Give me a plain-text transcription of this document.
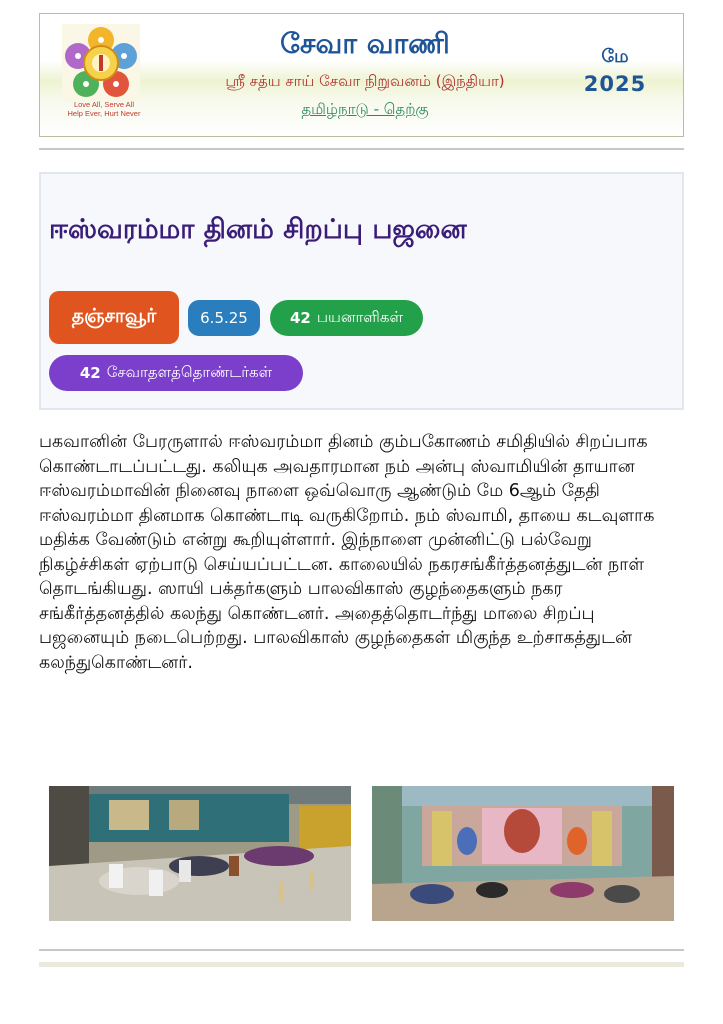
Love All, Serve All
Help Ever, Hurt Never
சேவா வாணி
ஸ்ரீ சத்ய சாய் சேவா நிறுவனம் (இந்தியா)
தமிழ்நாடு - தெற்கு
மே
2025
ஈஸ்வரம்மா தினம் சிறப்பு பஜனை
தஞ்சாவூர்	6.5.25	42 பயனாளிகள்
42 சேவாதளத்தொண்டர்கள்
பகவானின் பேரருளால் ஈஸ்வரம்மா தினம் கும்பகோணம் சமிதியில் சிறப்பாக கொண்டாடப்பட்டது. கலியுக அவதாரமான நம் அன்பு ஸ்வாமியின் தாயான ஈஸ்வரம்மாவின் நினைவு நாளை ஒவ்வொரு ஆண்டும் மே 6ஆம் தேதி ஈஸ்வரம்மா தினமாக கொண்டாடி வருகிறோம். நம் ஸ்வாமி, தாயை கடவுளாக மதிக்க வேண்டும் என்று கூறியுள்ளார். இந்நாளை முன்னிட்டு பல்வேறு நிகழ்ச்சிகள் ஏற்பாடு செய்யப்பட்டன. காலையில் நகரசங்கீர்த்தனத்துடன் நாள் தொடங்கியது. ஸாயி பக்தர்களும் பாலவிகாஸ் குழந்தைகளும் நகர சங்கீர்த்தனத்தில் கலந்து கொண்டனர். அதைத்தொடர்ந்து மாலை சிறப்பு பஜனையும் நடைபெற்றது. பாலவிகாஸ் குழந்தைகள் மிகுந்த உற்சாகத்துடன் கலந்துகொண்டனர்.
